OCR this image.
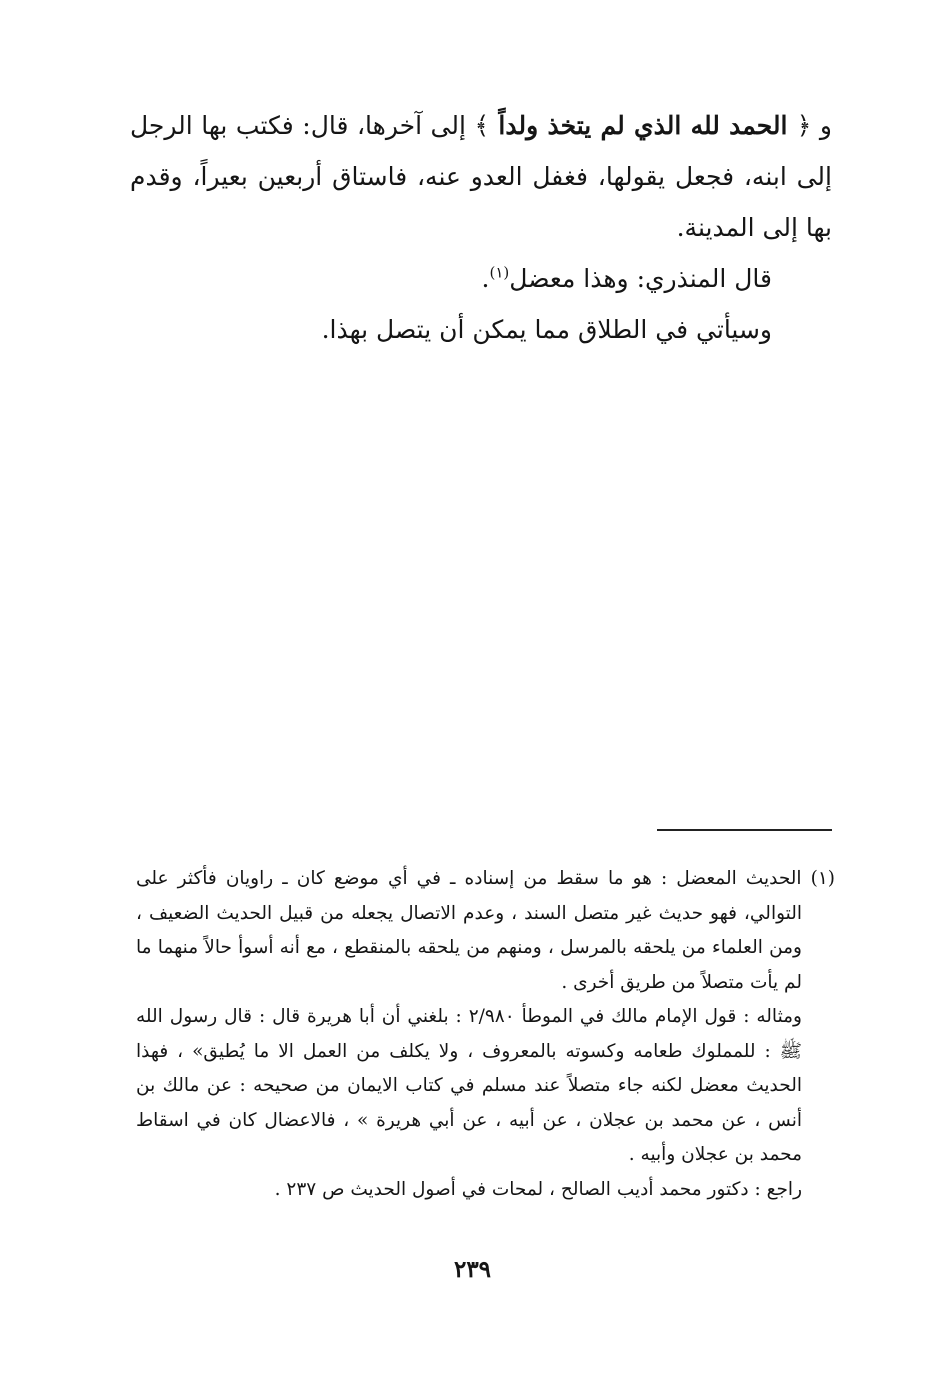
و ﴿ الحمد لله الذي لم يتخذ ولداً ﴾ إلى آخرها، قال: فكتب بها الرجل إلى ابنه، فجعل يقولها، فغفل العدو عنه، فاستاق أربعين بعيراً، وقدم بها إلى المدينة.

قال المنذري: وهذا معضل$^{(١)}$.

وسيأتي في الطلاق مما يمكن أن يتصل بهذا.

(١) الحديث المعضل : هو ما سقط من إسناده ـ في أي موضع كان ـ راويان فأكثر على التوالي، فهو حديث غير متصل السند ، وعدم الاتصال يجعله من قبيل الحديث الضعيف ، ومن العلماء من يلحقه بالمرسل ، ومنهم من يلحقه بالمنقطع ، مع أنه أسوأ حالاً منهما ما لم يأت متصلاً من طريق أخرى .

ومثاله : قول الإمام مالك في الموطأ ٢/٩٨٠ : بلغني أن أبا هريرة قال : قال رسول الله ﷺ : للمملوك طعامه وكسوته بالمعروف ، ولا يكلف من العمل الا ما يُطيق» ، فهذا الحديث معضل لكنه جاء متصلاً عند مسلم في كتاب الايمان من صحيحه : عن مالك بن أنس ، عن محمد بن عجلان ، عن أبيه ، عن أبي هريرة » ، فالاعضال كان في اسقاط محمد بن عجلان وأبيه .

راجع : دكتور محمد أديب الصالح ، لمحات في أصول الحديث ص ٢٣٧ .

٢٣٩
